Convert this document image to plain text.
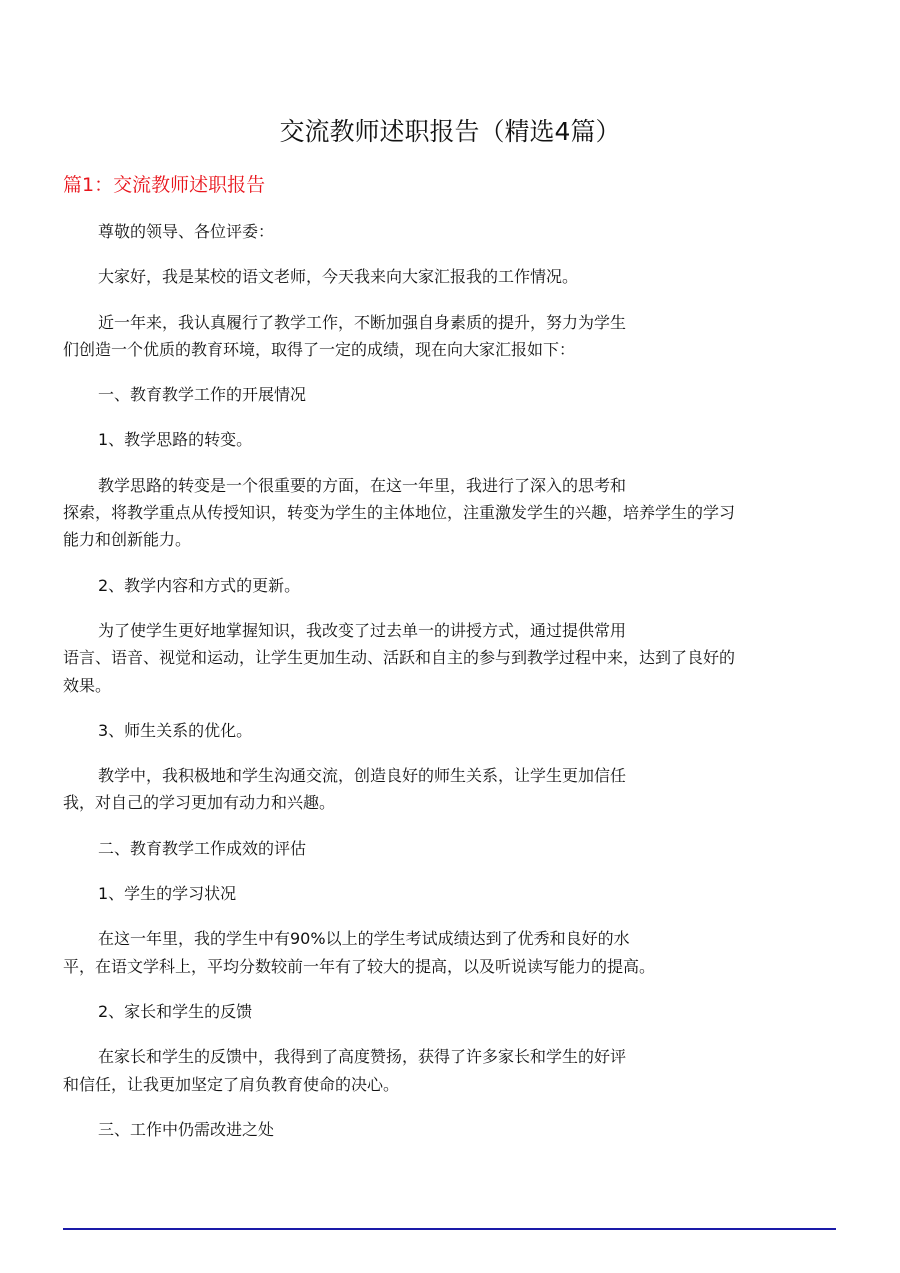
交流教师述职报告（精选4篇）
篇1：交流教师述职报告
尊敬的领导、各位评委：
大家好，我是某校的语文老师，今天我来向大家汇报我的工作情况。
近一年来，我认真履行了教学工作，不断加强自身素质的提升，努力为学生
们创造一个优质的教育环境，取得了一定的成绩，现在向大家汇报如下：
一、教育教学工作的开展情况
1、教学思路的转变。
教学思路的转变是一个很重要的方面，在这一年里，我进行了深入的思考和
探索，将教学重点从传授知识，转变为学生的主体地位，注重激发学生的兴趣，培养学生的学习
能力和创新能力。
2、教学内容和方式的更新。
为了使学生更好地掌握知识，我改变了过去单一的讲授方式，通过提供常用
语言、语音、视觉和运动，让学生更加生动、活跃和自主的参与到教学过程中来，达到了良好的
效果。
3、师生关系的优化。
教学中，我积极地和学生沟通交流，创造良好的师生关系，让学生更加信任
我，对自己的学习更加有动力和兴趣。
二、教育教学工作成效的评估
1、学生的学习状况
在这一年里，我的学生中有90%以上的学生考试成绩达到了优秀和良好的水
平，在语文学科上，平均分数较前一年有了较大的提高，以及听说读写能力的提高。
2、家长和学生的反馈
在家长和学生的反馈中，我得到了高度赞扬，获得了许多家长和学生的好评
和信任，让我更加坚定了肩负教育使命的决心。
三、工作中仍需改进之处
